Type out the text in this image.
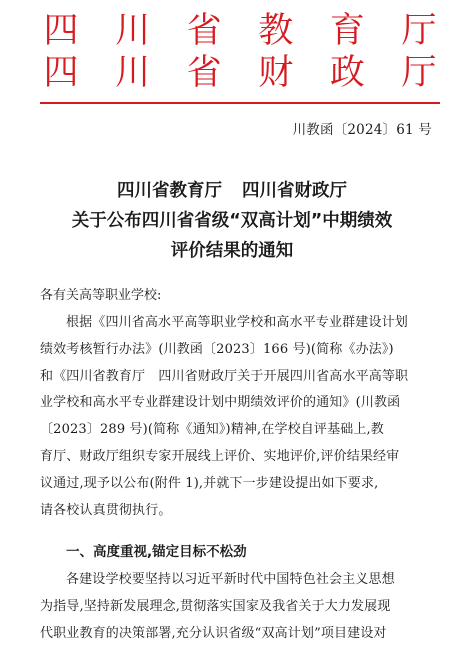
四 川 省 教 育 厅
四 川 省 财 政 厅
川教函〔2024〕61 号
四川省教育厅 四川省财政厅
关于公布四川省省级“双高计划”中期绩效
评价结果的通知
各有关高等职业学校:
根据《四川省高水平高等职业学校和高水平专业群建设计划
绩效考核暂行办法》(川教函〔2023〕166 号)(简称《办法》)
和《四川省教育厅　四川省财政厅关于开展四川省高水平高等职
业学校和高水平专业群建设计划中期绩效评价的通知》(川教函
〔2023〕289 号)(简称《通知》)精神,在学校自评基础上,教
育厅、财政厅组织专家开展线上评价、实地评价,评价结果经审
议通过,现予以公布(附件 1),并就下一步建设提出如下要求,
请各校认真贯彻执行。
一、高度重视,锚定目标不松劲
各建设学校要坚持以习近平新时代中国特色社会主义思想
为指导,坚持新发展理念,贯彻落实国家及我省关于大力发展现
代职业教育的决策部署,充分认识省级“双高计划”项目建设对
